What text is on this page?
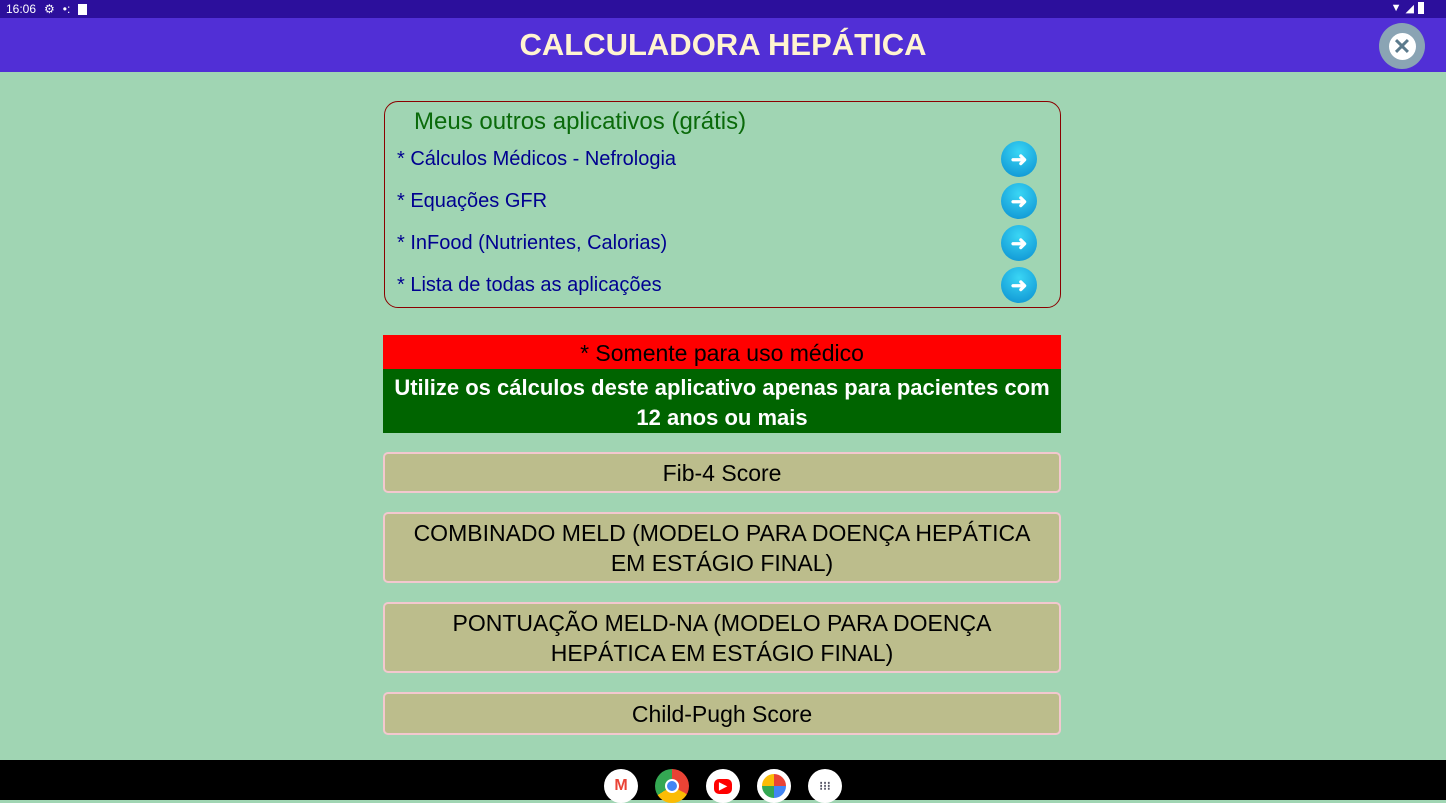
16:06 ⚙ •:	▼ ◢
CALCULADORA HEPÁTICA	✕
Meus outros aplicativos (grátis)
* Cálculos Médicos - Nefrologia	➜
* Equações GFR	➜
* InFood (Nutrientes, Calorias)	➜
* Lista de todas as aplicações	➜
* Somente para uso médico
Utilize os cálculos deste aplicativo apenas para pacientes com 12 anos ou mais
Fib-4 Score
COMBINADO MELD (MODELO PARA DOENÇA HEPÁTICA EM ESTÁGIO FINAL)
PONTUAÇÃO MELD-NA (MODELO PARA DOENÇA HEPÁTICA EM ESTÁGIO FINAL)
Child-Pugh Score
M	▶	⁝⁝⁝
